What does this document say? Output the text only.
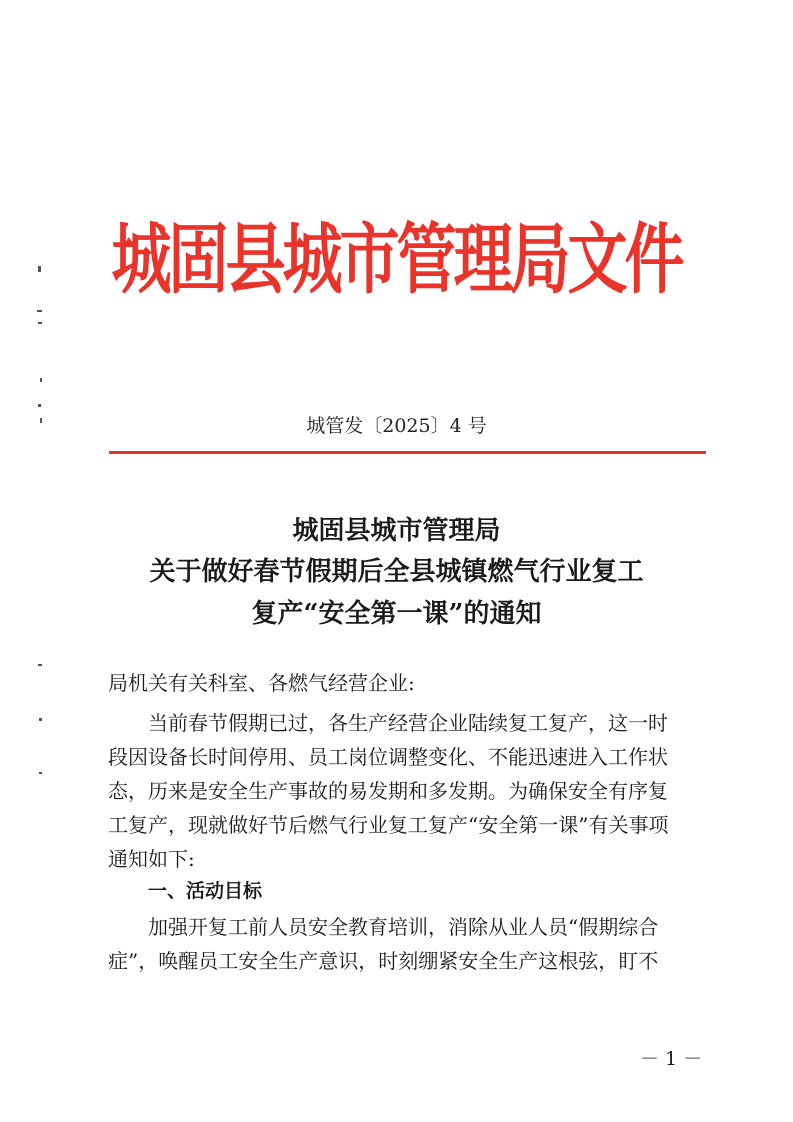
城固县城市管理局文件
城管发〔2025〕4 号
城固县城市管理局
关于做好春节假期后全县城镇燃气行业复工
复产“安全第一课”的通知
局机关有关科室、各燃气经营企业:
当前春节假期已过，各生产经营企业陆续复工复产，这一时
段因设备长时间停用、员工岗位调整变化、不能迅速进入工作状
态，历来是安全生产事故的易发期和多发期。为确保安全有序复
工复产，现就做好节后燃气行业复工复产“安全第一课”有关事项
通知如下:
一、活动目标
加强开复工前人员安全教育培训，消除从业人员“假期综合
症”，唤醒员工安全生产意识，时刻绷紧安全生产这根弦，盯不
－ 1 －
